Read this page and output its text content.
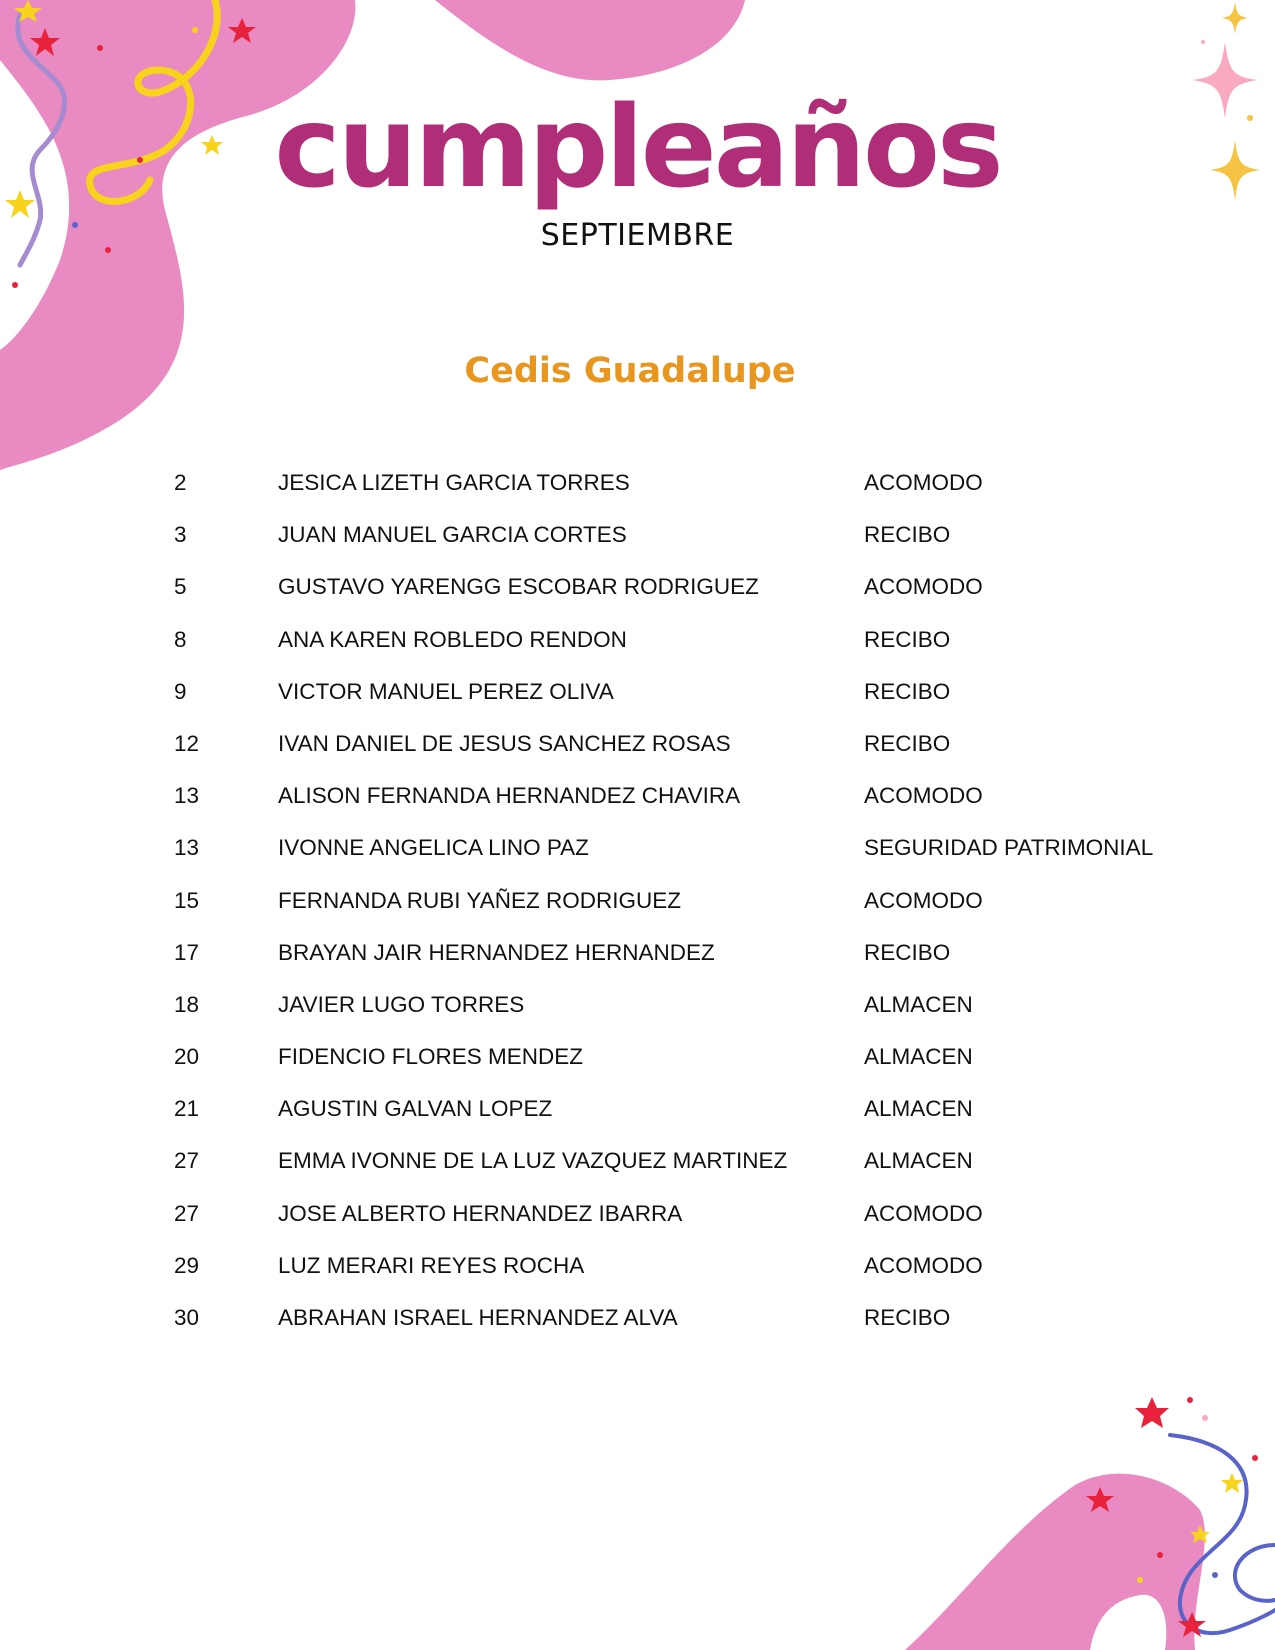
cumpleaños
SEPTIEMBRE
Cedis Guadalupe
2	JESICA LIZETH GARCIA TORRES	ACOMODO
3	JUAN MANUEL GARCIA CORTES	RECIBO
5	GUSTAVO YARENGG ESCOBAR RODRIGUEZ	ACOMODO
8	ANA KAREN ROBLEDO RENDON	RECIBO
9	VICTOR MANUEL PEREZ OLIVA	RECIBO
12	IVAN DANIEL DE JESUS SANCHEZ ROSAS	RECIBO
13	ALISON FERNANDA HERNANDEZ CHAVIRA	ACOMODO
13	IVONNE ANGELICA LINO PAZ	SEGURIDAD PATRIMONIAL
15	FERNANDA RUBI YAÑEZ RODRIGUEZ	ACOMODO
17	BRAYAN JAIR HERNANDEZ HERNANDEZ	RECIBO
18	JAVIER LUGO TORRES	ALMACEN
20	FIDENCIO FLORES MENDEZ	ALMACEN
21	AGUSTIN GALVAN LOPEZ	ALMACEN
27	EMMA IVONNE DE LA LUZ VAZQUEZ MARTINEZ	ALMACEN
27	JOSE ALBERTO HERNANDEZ IBARRA	ACOMODO
29	LUZ MERARI REYES ROCHA	ACOMODO
30	ABRAHAN ISRAEL HERNANDEZ ALVA	RECIBO
